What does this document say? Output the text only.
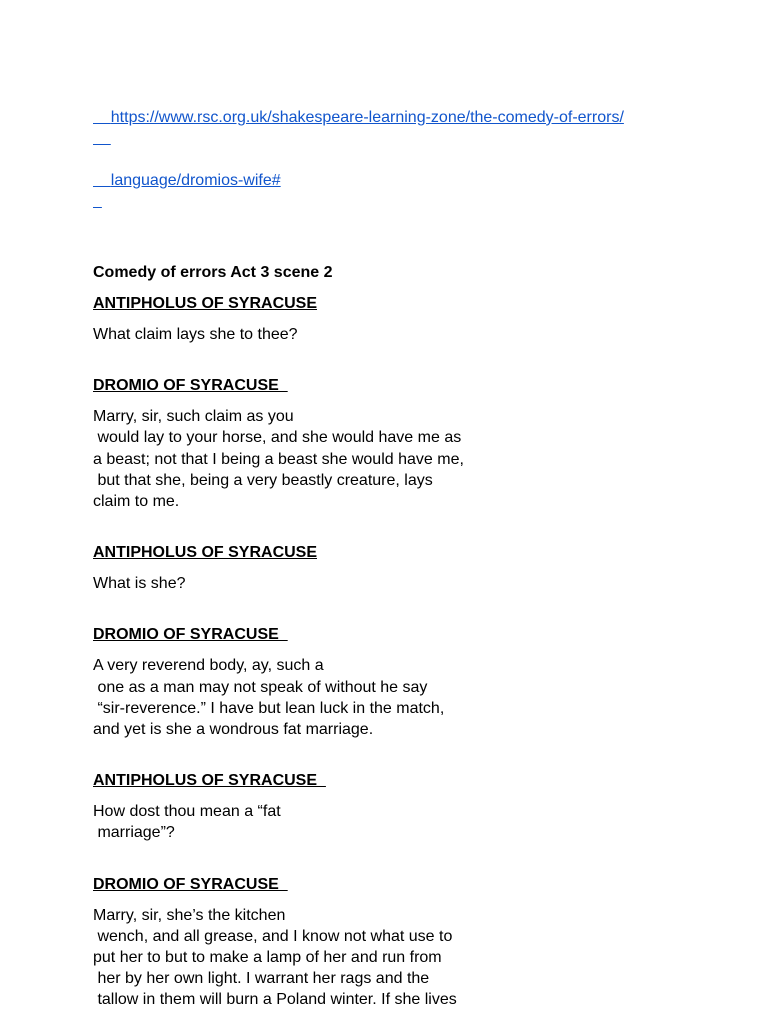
https://www.rsc.org.uk/shakespeare-learning-zone/the-comedy-of-errors/

language/dromios-wife#

Comedy of errors Act 3 scene 2
ANTIPHOLUS OF SYRACUSE
What claim lays she to thee?
DROMIO OF SYRACUSE
Marry, sir, such claim as you
would lay to your horse, and she would have me as
a beast; not that I being a beast she would have me,
but that she, being a very beastly creature, lays
claim to me.
ANTIPHOLUS OF SYRACUSE
What is she?
DROMIO OF SYRACUSE
A very reverend body, ay, such a
one as a man may not speak of without he say
“sir-reverence.” I have but lean luck in the match,
and yet is she a wondrous fat marriage.
ANTIPHOLUS OF SYRACUSE
How dost thou mean a “fat
marriage”?
DROMIO OF SYRACUSE
Marry, sir, she’s the kitchen
wench, and all grease, and I know not what use to
put her to but to make a lamp of her and run from
her by her own light. I warrant her rags and the
tallow in them will burn a Poland winter. If she lives
